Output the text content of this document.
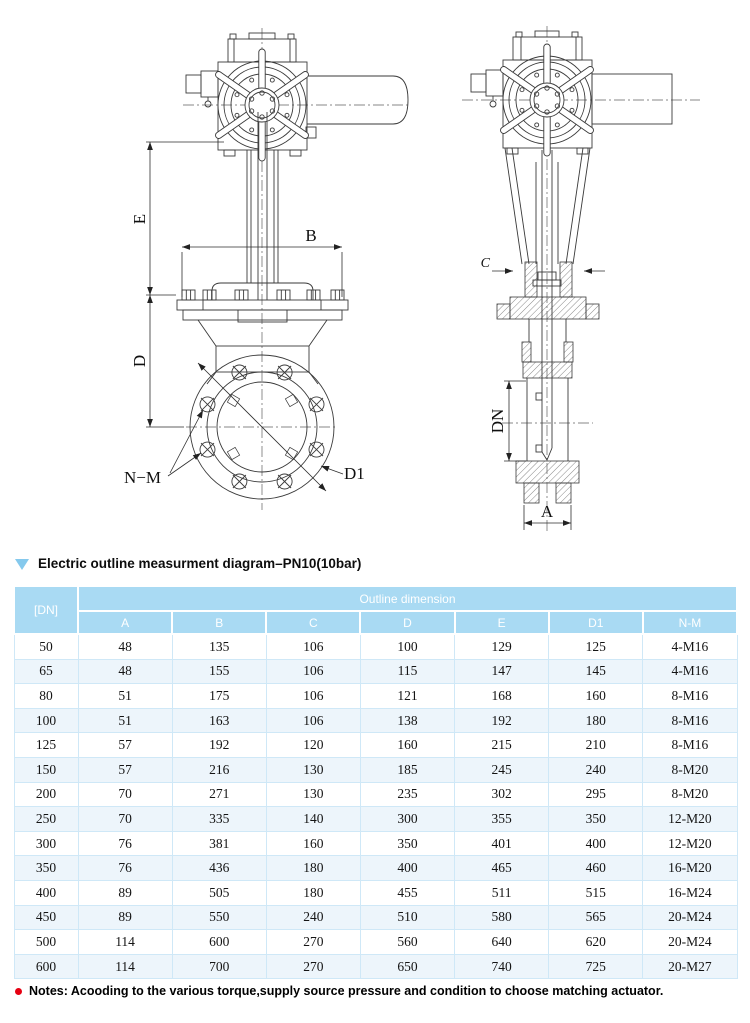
E
D
B
N−M	D1
C
DN
A
Electric outline measurment diagram–PN10(10bar)
[DN]	Outline dimension						
	A	B	C	D	E	D1	N-M
50	48	135	106	100	129	125	4-M16
65	48	155	106	115	147	145	4-M16
80	51	175	106	121	168	160	8-M16
100	51	163	106	138	192	180	8-M16
125	57	192	120	160	215	210	8-M16
150	57	216	130	185	245	240	8-M20
200	70	271	130	235	302	295	8-M20
250	70	335	140	300	355	350	12-M20
300	76	381	160	350	401	400	12-M20
350	76	436	180	400	465	460	16-M20
400	89	505	180	455	511	515	16-M24
450	89	550	240	510	580	565	20-M24
500	114	600	270	560	640	620	20-M24
600	114	700	270	650	740	725	20-M27
Notes: Acooding to the various torque,supply source pressure and condition to choose matching actuator.
